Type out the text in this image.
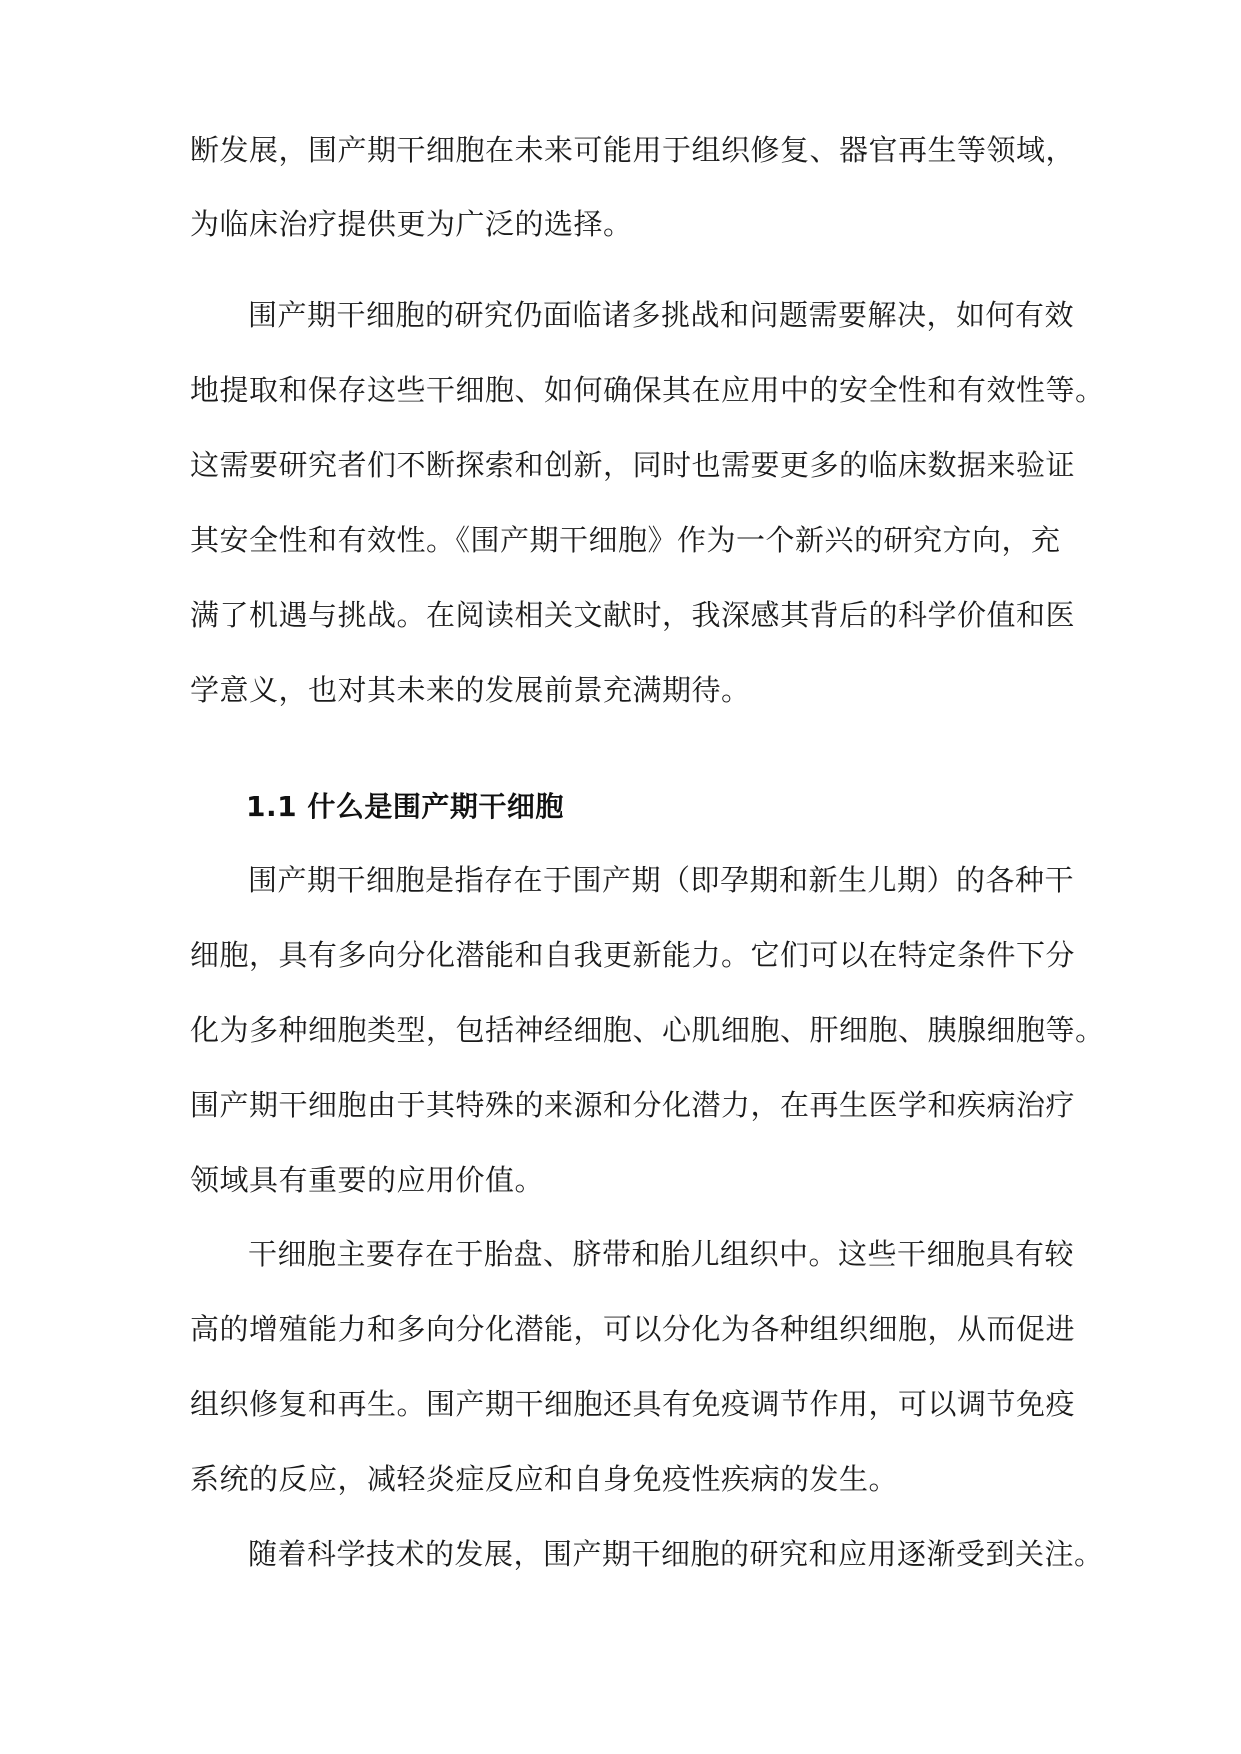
断发展，围产期干细胞在未来可能用于组织修复、器官再生等领域，
为临床治疗提供更为广泛的选择。
围产期干细胞的研究仍面临诸多挑战和问题需要解决，如何有效
地提取和保存这些干细胞、如何确保其在应用中的安全性和有效性等。
这需要研究者们不断探索和创新，同时也需要更多的临床数据来验证
其安全性和有效性。《围产期干细胞》作为一个新兴的研究方向，充
满了机遇与挑战。在阅读相关文献时，我深感其背后的科学价值和医
学意义，也对其未来的发展前景充满期待。
1.1 什么是围产期干细胞
围产期干细胞是指存在于围产期（即孕期和新生儿期）的各种干
细胞，具有多向分化潜能和自我更新能力。它们可以在特定条件下分
化为多种细胞类型，包括神经细胞、心肌细胞、肝细胞、胰腺细胞等。
围产期干细胞由于其特殊的来源和分化潜力，在再生医学和疾病治疗
领域具有重要的应用价值。
干细胞主要存在于胎盘、脐带和胎儿组织中。这些干细胞具有较
高的增殖能力和多向分化潜能，可以分化为各种组织细胞，从而促进
组织修复和再生。围产期干细胞还具有免疫调节作用，可以调节免疫
系统的反应，减轻炎症反应和自身免疫性疾病的发生。
随着科学技术的发展，围产期干细胞的研究和应用逐渐受到关注。
